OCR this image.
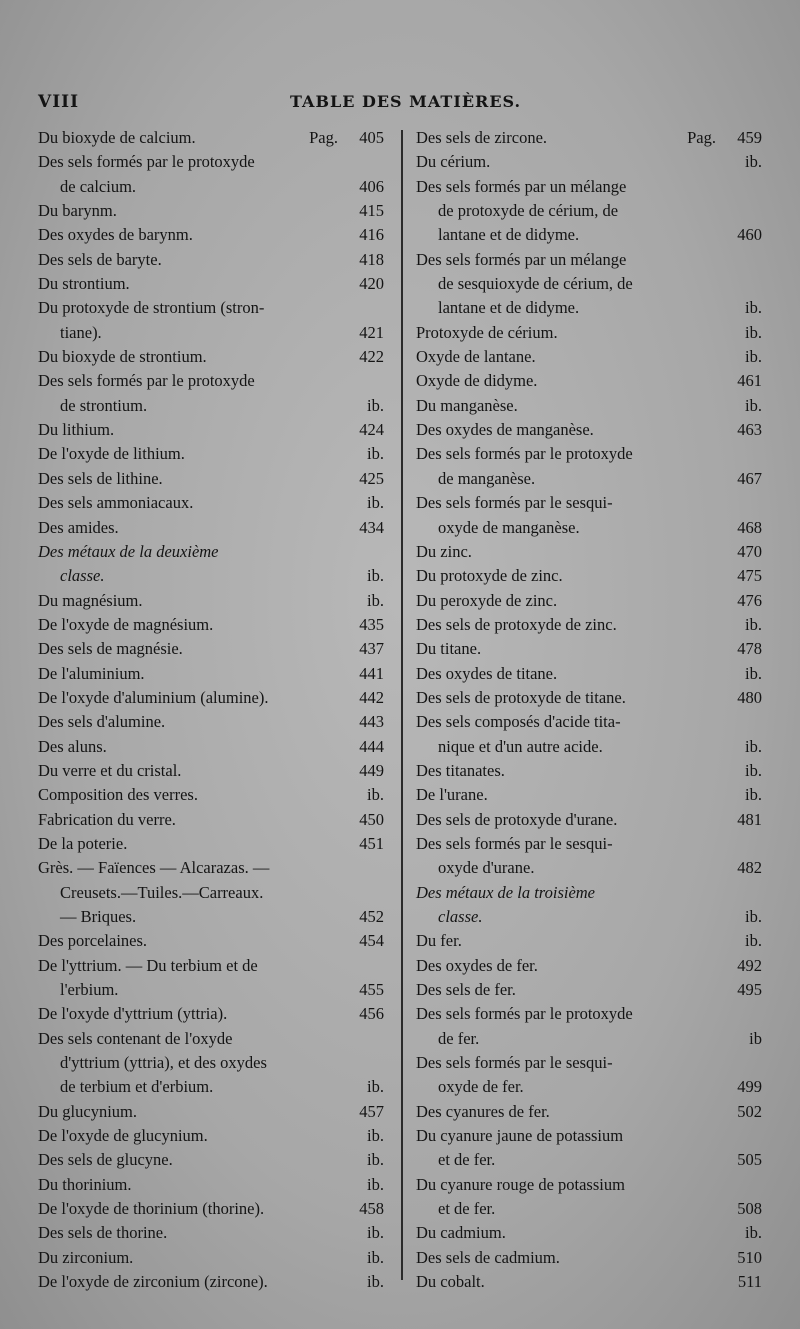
VIII	TABLE DES MATIÈRES.
Du bioxyde de calcium.	Pag. 405
Des sels formés par le protoxyde
de calcium.	406
Du barynm.	415
Des oxydes de barynm.	416
Des sels de baryte.	418
Du strontium.	420
Du protoxyde de strontium (stron-
tiane).	421
Du bioxyde de strontium.	422
Des sels formés par le protoxyde
de strontium.	ib.
Du lithium.	424
De l'oxyde de lithium.	ib.
Des sels de lithine.	425
Des sels ammoniacaux.	ib.
Des amides.	434
Des métaux de la deuxième
classe.	ib.
Du magnésium.	ib.
De l'oxyde de magnésium.	435
Des sels de magnésie.	437
De l'aluminium.	441
De l'oxyde d'aluminium (alumine).	442
Des sels d'alumine.	443
Des aluns.	444
Du verre et du cristal.	449
Composition des verres.	ib.
Fabrication du verre.	450
De la poterie.	451
Grès. — Faïences — Alcarazas. —
Creusets.—Tuiles.—Carreaux.
— Briques.	452
Des porcelaines.	454
De l'yttrium. — Du terbium et de
l'erbium.	455
De l'oxyde d'yttrium (yttria).	456
Des sels contenant de l'oxyde
d'yttrium (yttria), et des oxydes
de terbium et d'erbium.	ib.
Du glucynium.	457
De l'oxyde de glucynium.	ib.
Des sels de glucyne.	ib.
Du thorinium.	ib.
De l'oxyde de thorinium (thorine).	458
Des sels de thorine.	ib.
Du zirconium.	ib.
De l'oxyde de zirconium (zircone).	ib.
Des sels de zircone.	Pag. 459
Du cérium.	ib.
Des sels formés par un mélange
de protoxyde de cérium, de
lantane et de didyme.	460
Des sels formés par un mélange
de sesquioxyde de cérium, de
lantane et de didyme.	ib.
Protoxyde de cérium.	ib.
Oxyde de lantane.	ib.
Oxyde de didyme.	461
Du manganèse.	ib.
Des oxydes de manganèse.	463
Des sels formés par le protoxyde
de manganèse.	467
Des sels formés par le sesqui-
oxyde de manganèse.	468
Du zinc.	470
Du protoxyde de zinc.	475
Du peroxyde de zinc.	476
Des sels de protoxyde de zinc.	ib.
Du titane.	478
Des oxydes de titane.	ib.
Des sels de protoxyde de titane.	480
Des sels composés d'acide tita-
nique et d'un autre acide.	ib.
Des titanates.	ib.
De l'urane.	ib.
Des sels de protoxyde d'urane.	481
Des sels formés par le sesqui-
oxyde d'urane.	482
Des métaux de la troisième
classe.	ib.
Du fer.	ib.
Des oxydes de fer.	492
Des sels de fer.	495
Des sels formés par le protoxyde
de fer.	ib
Des sels formés par le sesqui-
oxyde de fer.	499
Des cyanures de fer.	502
Du cyanure jaune de potassium
et de fer.	505
Du cyanure rouge de potassium
et de fer.	508
Du cadmium.	ib.
Des sels de cadmium.	510
Du cobalt.	511
